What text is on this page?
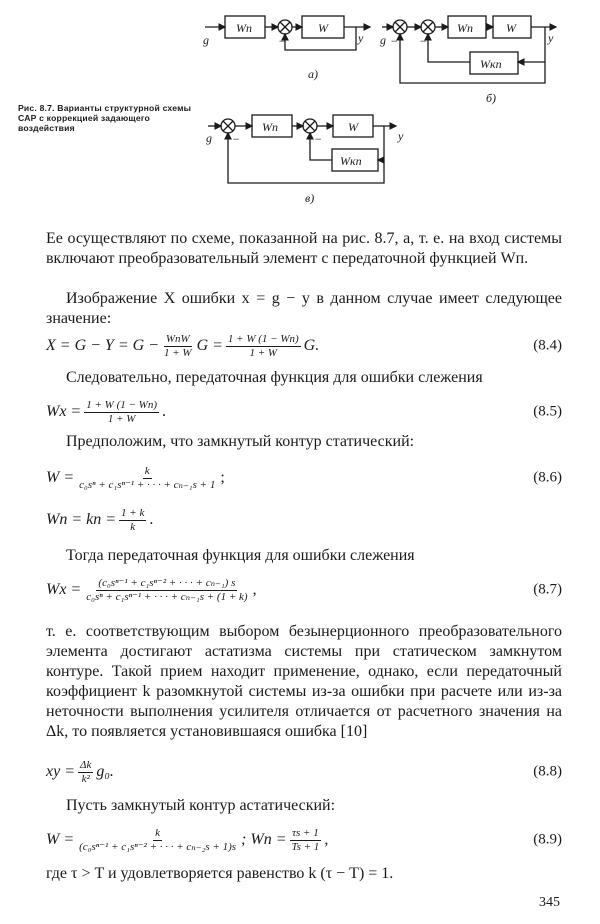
Wп	W
g	y
−
а)
g
Wп	W
Wкп
y
− −
б)
g
Wп	W
Wкп
y
−	−
в)
Рис. 8.7. Варианты структурной схемы САР с коррекцией задающего воздействия
Ее осуществляют по схеме, показанной на рис. 8.7, а, т. е. на вход системы включают преобразовательный элемент с передаточной функцией Wп.
Изображение X ошибки x = g − y в данном случае имеет следующее значение:
$X = G - Y = G - \frac{\text{WпW}}{1 + W}$ $G = \frac{1 + W (1 - Wп)}{1 + W} G$.	(8.4)
Следовательно, передаточная функция для ошибки слежения
$Wx = \frac{1 + W (1 - Wп)}{1 + W}$ .	(8.5)
Предположим, что замкнутый контур статический:
$W = \frac{k}{\text{c₀sⁿ + c₁sⁿ⁻¹ + · · · + cₙ₋₁s + 1}}$ ;	(8.6)
Wп = kп = $\frac{1 + k}{k}$ .
Тогда передаточная функция для ошибки слежения
$Wx = \frac{\text{(c₀sⁿ⁻¹ + c₁sⁿ⁻² + · · · + cₙ₋₁) s}}{\text{c₀sⁿ + c₁sⁿ⁻¹ + · · · + cₙ₋₁s + (1 + k)}}$ ,	(8.7)
т. е. соответствующим выбором безынерционного преобразовательного элемента достигают астатизма системы при статическом замкнутом контуре. Такой прием находит применение, однако, если передаточный коэффициент k разомкнутой системы из-за ошибки при расчете или из-за неточности выполнения усилителя отличается от расчетного значения на Δk, то появляется установившаяся ошибка [10]
xy = $\frac{\Delta k}{\text{k²}} g_0$.	(8.8)
Пусть замкнутый контур астатический:
$W = \frac{k}{\text{(c₀sⁿ⁻¹ + c₁sⁿ⁻² + · · · + cₙ₋₂s + 1)s}}$ ; Wп = $\frac{\tau s + 1}{Ts + 1}$ ,	(8.9)
где τ > T и удовлетворяется равенство k (τ − T) = 1.
345
